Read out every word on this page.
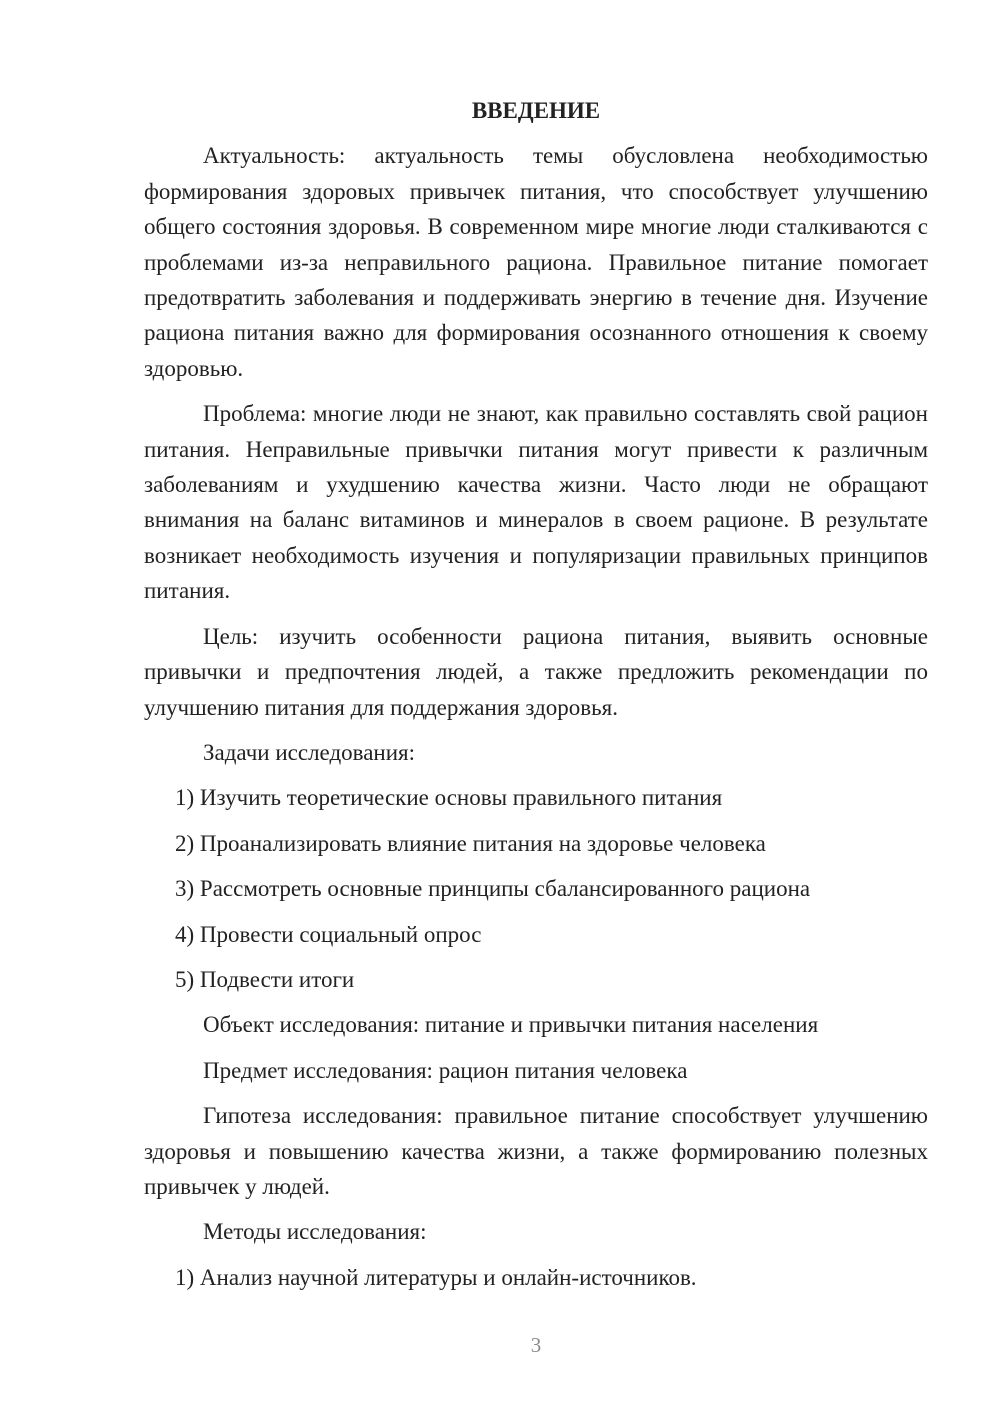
ВВЕДЕНИЕ

Актуальность: актуальность темы обусловлена необходимостью формирования здоровых привычек питания, что способствует улучшению общего состояния здоровья. В современном мире многие люди сталкиваются с проблемами из-за неправильного рациона. Правильное питание помогает предотвратить заболевания и поддерживать энергию в течение дня. Изучение рациона питания важно для формирования осознанного отношения к своему здоровью.

Проблема: многие люди не знают, как правильно составлять свой рацион питания. Неправильные привычки питания могут привести к различным заболеваниям и ухудшению качества жизни. Часто люди не обращают внимания на баланс витаминов и минералов в своем рационе. В результате возникает необходимость изучения и популяризации правильных принципов питания.

Цель: изучить особенности рациона питания, выявить основные привычки и предпочтения людей, а также предложить рекомендации по улучшению питания для поддержания здоровья.

Задачи исследования:
1) Изучить теоретические основы правильного питания
2) Проанализировать влияние питания на здоровье человека
3) Рассмотреть основные принципы сбалансированного рациона
4) Провести социальный опрос
5) Подвести итоги
Объект исследования: питание и привычки питания населения
Предмет исследования: рацион питания человека

Гипотеза исследования: правильное питание способствует улучшению здоровья и повышению качества жизни, а также формированию полезных привычек у людей.

Методы исследования:
1) Анализ научной литературы и онлайн-источников.
3
